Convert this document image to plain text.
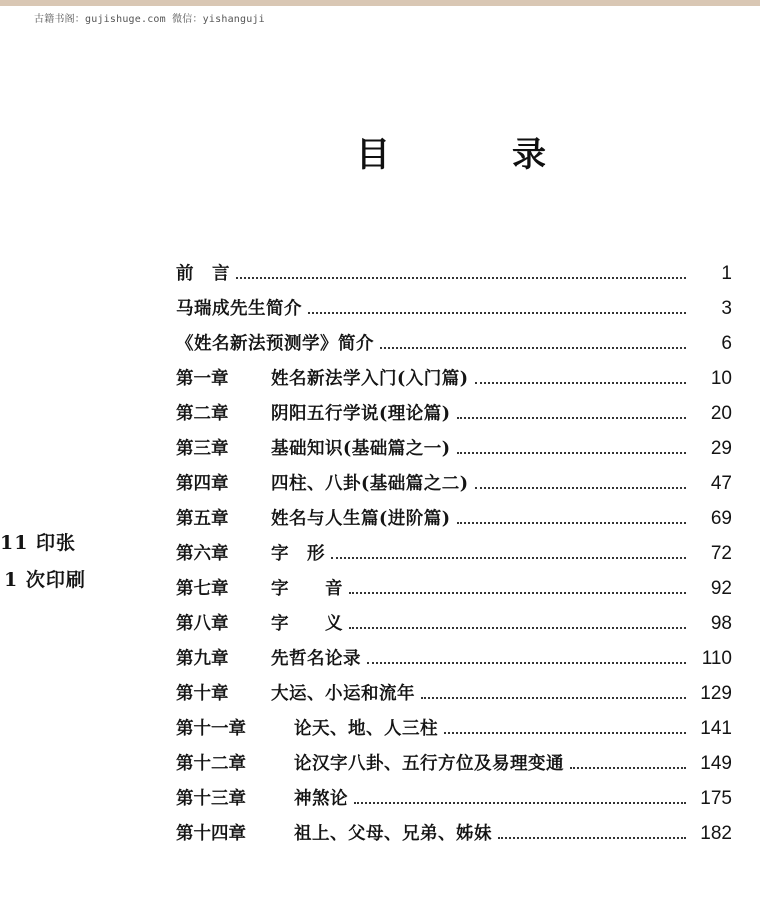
古籍书阁：gujishuge.com 微信：yishanguji
目	录
11 印张
1 次印刷
前　言	1
马瑞成先生简介	3
《姓名新法预测学》简介	6
第一章	姓名新法学入门(入门篇)	10
第二章	阴阳五行学说(理论篇)	20
第三章	基础知识(基础篇之一)	29
第四章	四柱、八卦(基础篇之二)	47
第五章	姓名与人生篇(进阶篇)	69
第六章	字　形	72
第七章	字　　音	92
第八章	字　　义	98
第九章	先哲名论录	110
第十章	大运、小运和流年	129
第十一章	论天、地、人三柱	141
第十二章	论汉字八卦、五行方位及易理变通	149
第十三章	神煞论	175
第十四章	祖上、父母、兄弟、姊妹	182
